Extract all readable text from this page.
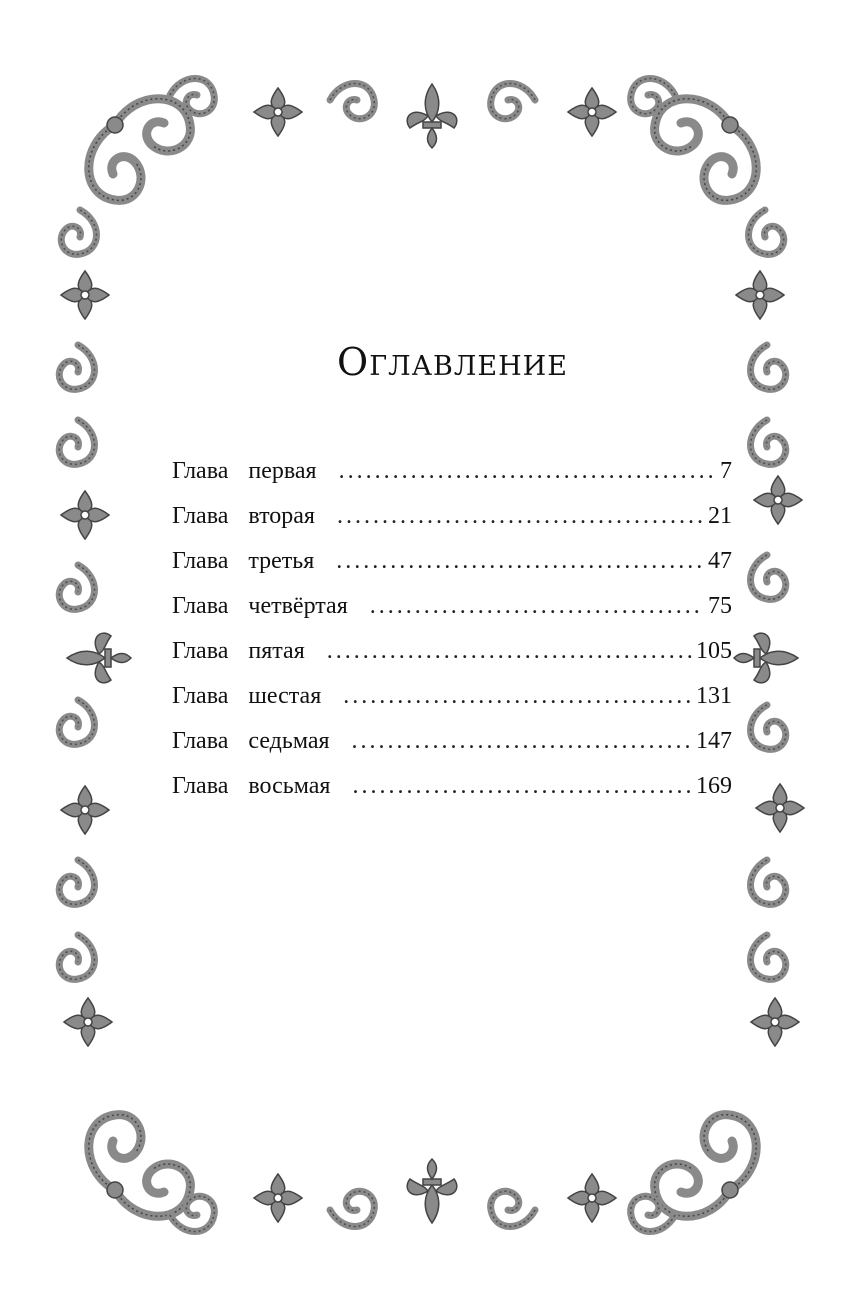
Оглавление
Глава первая .....	7
Глава вторая .....	21
Глава третья .....	47
Глава четвёртая .....	75
Глава пятая .....	105
Глава шестая .....	131
Глава седьмая .....	147
Глава восьмая .....	169
